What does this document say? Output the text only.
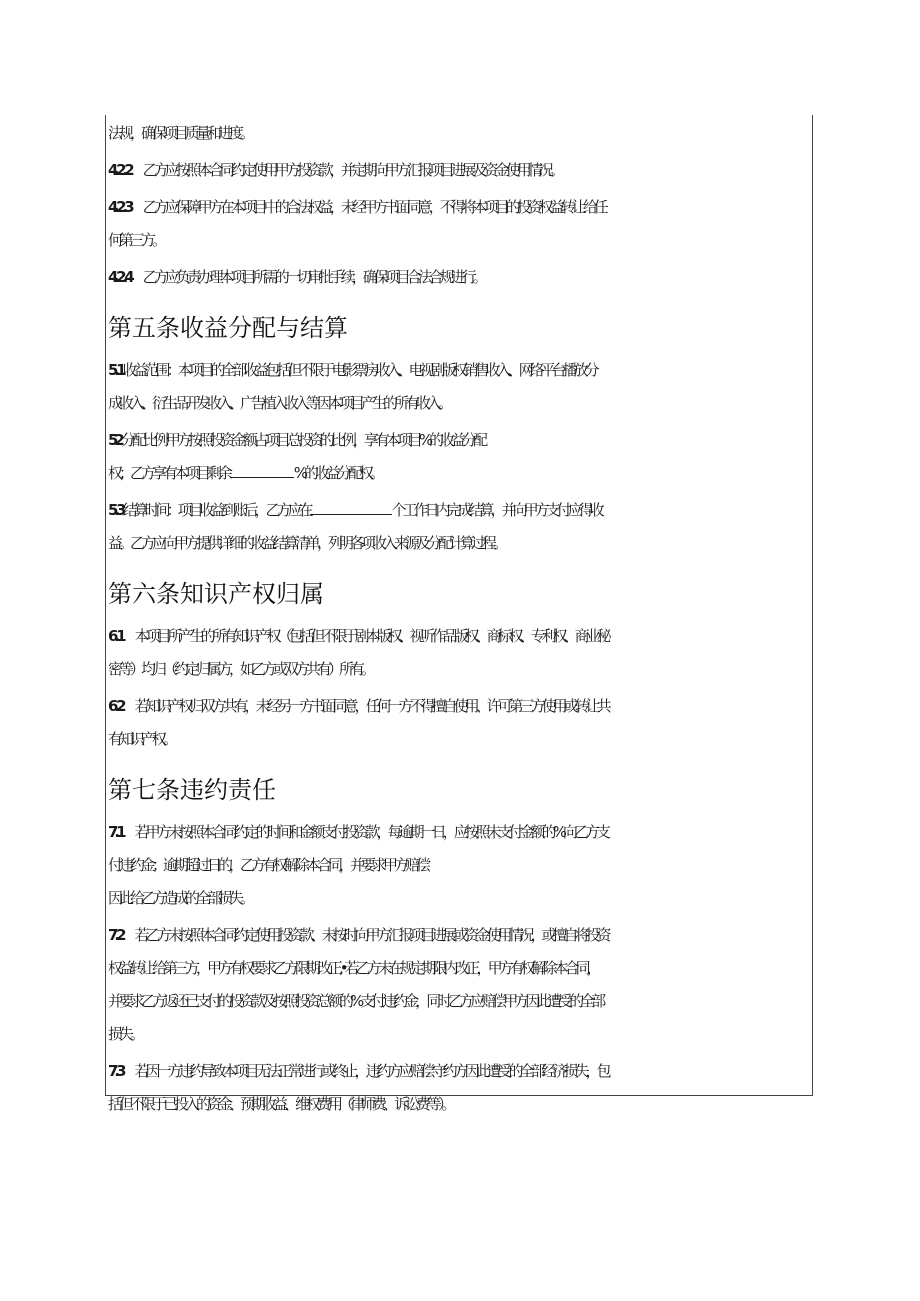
法规，确保项目质量和进度。
4.2.2 乙方应按照本合同约定使用甲方投资款，并定期向甲方汇报项目进展及资金使用情况。
4.2.3 乙方应保障甲方在本项目中的合法权益，未经甲方书面同意，不得将本项目的投资权益转让给任
何第三方。
4.2.4 乙方应负责办理本项目所需的一切审批手续，确保项目合法合规进行。
第五条收益分配与结算
5.1收益范围：本项目的全部收益包括但不限于电影票房收入、电视剧版权销售收入、网络平台播放分
成收入、衍生品开发收入、广告植入收入等因本项目产生的所有收入。
52分配比例:甲方按照投资金额占项目总投资的比例，享有本项目%的收益分配
权；乙方享有本项目剩余	%的收益分配权。
5.3结算时间：项目收益到账后，乙方应在	个工作日内完成结算，并向甲方支付应得收
益。乙方应向甲方提供详细的收益结算清单，列明各项收入来源及分配计算过程。
第六条知识产权归属
6.1 本项目所产生的所有知识产权（包括但不限于剧本版权、视听作品版权、商标权、专利权、商业秘
密等）均归（约定归属方，如乙方或双方共有）所有。
6.2 若知识产权归双方共有，未经另一方书面同意，任何一方不得擅自使用、许可第三方使用或转让共
有知识产权。
第七条违约责任
7.1 若甲方未按照本合同约定的时间和金额支付投资款，每逾期一日，应按照未支付金额的%向乙方支
付违约金；逾期超过日的，乙方有权解除本合同，并要求甲方赔偿
因此给乙方造成的全部损失。
7.2 若乙方未按照本合同约定使用投资款、未按时向甲方汇报项目进展或资金使用情况，或擅自将投资
权益转让给第三方，甲方有权要求乙方限期改正,•若乙方未在规定期限内改正，甲方有权解除本合同，
并要求乙方返还已支付的投资款及按照投资总额的%支付违约金，同时乙方应赔偿甲方因此遭受的全部
损失。
7.3 若因一方违约导致本项目无法正常进行或终止，违约方应赔偿守约方因此遭受的全部经济损失，包
括但不限于已投入的资金、预期收益、维权费用（律师费、诉讼费等）。
